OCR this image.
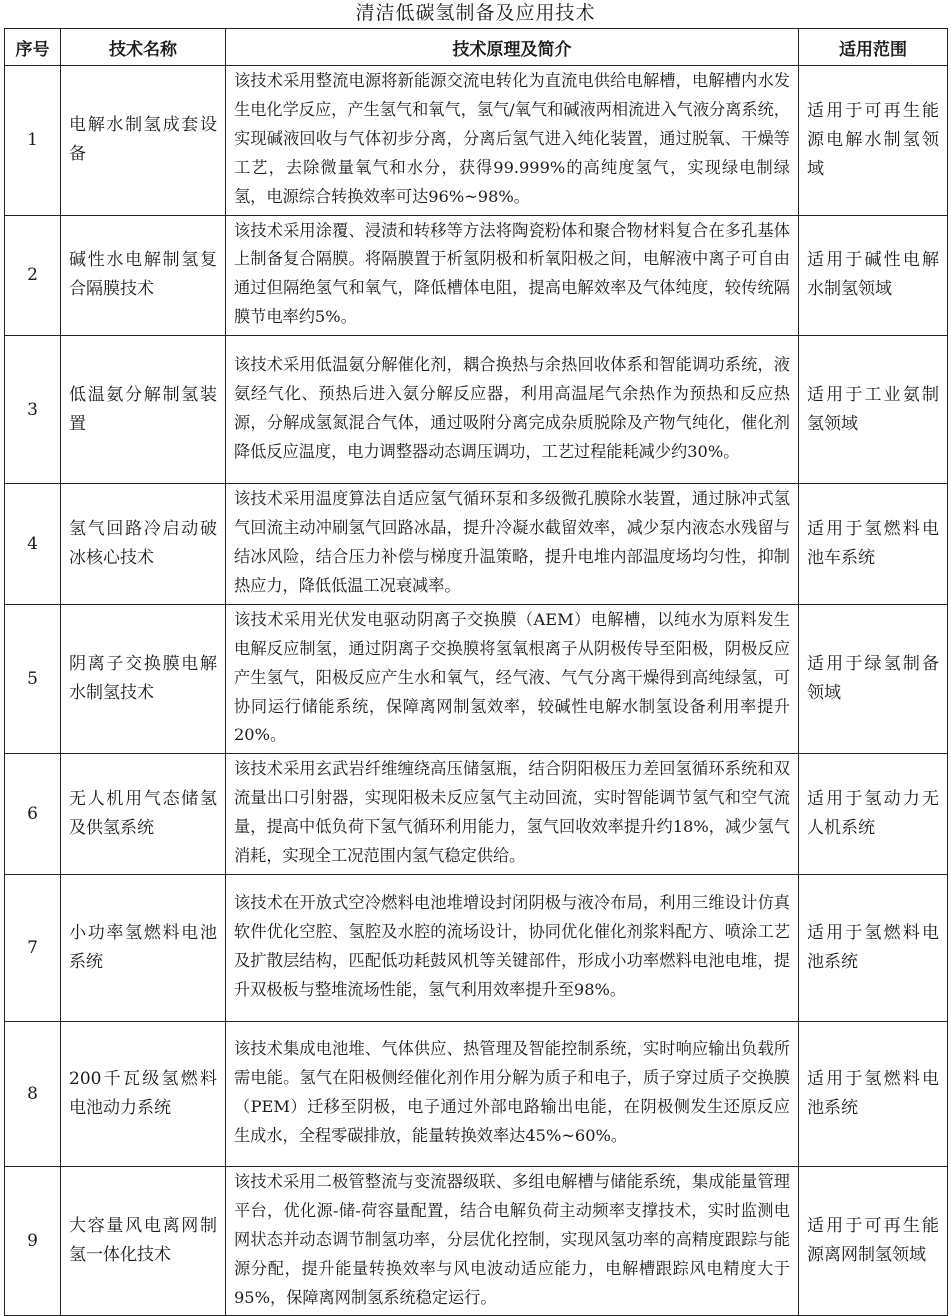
清洁低碳氢制备及应用技术
序号	技术名称	技术原理及简介	适用范围
1	电解水制氢成套设备	该技术采用整流电源将新能源交流电转化为直流电供给电解槽，电解槽内水发生电化学反应，产生氢气和氧气，氢气/氧气和碱液两相流进入气液分离系统，实现碱液回收与气体初步分离，分离后氢气进入纯化装置，通过脱氧、干燥等工艺，去除微量氧气和水分，获得99.999%的高纯度氢气，实现绿电制绿氢，电源综合转换效率可达96%~98%。	适用于可再生能源电解水制氢领域
2	碱性水电解制氢复合隔膜技术	该技术采用涂覆、浸渍和转移等方法将陶瓷粉体和聚合物材料复合在多孔基体上制备复合隔膜。将隔膜置于析氢阴极和析氧阳极之间，电解液中离子可自由通过但隔绝氢气和氧气，降低槽体电阻，提高电解效率及气体纯度，较传统隔膜节电率约5%。	适用于碱性电解水制氢领域
3	低温氨分解制氢装置	该技术采用低温氨分解催化剂，耦合换热与余热回收体系和智能调功系统，液氨经气化、预热后进入氨分解反应器，利用高温尾气余热作为预热和反应热源，分解成氢氮混合气体，通过吸附分离完成杂质脱除及产物气纯化，催化剂降低反应温度，电力调整器动态调压调功，工艺过程能耗减少约30%。	适用于工业氨制氢领域
4	氢气回路冷启动破冰核心技术	该技术采用温度算法自适应氢气循环泵和多级微孔膜除水装置，通过脉冲式氢气回流主动冲刷氢气回路冰晶，提升冷凝水截留效率，减少泵内液态水残留与结冰风险，结合压力补偿与梯度升温策略，提升电堆内部温度场均匀性，抑制热应力，降低低温工况衰减率。	适用于氢燃料电池车系统
5	阴离子交换膜电解水制氢技术	该技术采用光伏发电驱动阴离子交换膜（AEM）电解槽，以纯水为原料发生电解反应制氢，通过阴离子交换膜将氢氧根离子从阴极传导至阳极，阴极反应产生氢气，阳极反应产生水和氧气，经气液、气气分离干燥得到高纯绿氢，可协同运行储能系统，保障离网制氢效率，较碱性电解水制氢设备利用率提升20%。	适用于绿氢制备领域
6	无人机用气态储氢及供氢系统	该技术采用玄武岩纤维缠绕高压储氢瓶，结合阴阳极压力差回氢循环系统和双流量出口引射器，实现阳极未反应氢气主动回流，实时智能调节氢气和空气流量，提高中低负荷下氢气循环利用能力，氢气回收效率提升约18%，减少氢气消耗，实现全工况范围内氢气稳定供给。	适用于氢动力无人机系统
7	小功率氢燃料电池系统	该技术在开放式空冷燃料电池堆增设封闭阴极与液冷布局，利用三维设计仿真软件优化空腔、氢腔及水腔的流场设计，协同优化催化剂浆料配方、喷涂工艺及扩散层结构，匹配低功耗鼓风机等关键部件，形成小功率燃料电池电堆，提升双极板与整堆流场性能，氢气利用效率提升至98%。	适用于氢燃料电池系统
8	200千瓦级氢燃料电池动力系统	该技术集成电池堆、气体供应、热管理及智能控制系统，实时响应输出负载所需电能。氢气在阳极侧经催化剂作用分解为质子和电子，质子穿过质子交换膜（PEM）迁移至阴极，电子通过外部电路输出电能，在阴极侧发生还原反应生成水，全程零碳排放，能量转换效率达45%~60%。	适用于氢燃料电池系统
9	大容量风电离网制氢一体化技术	该技术采用二极管整流与变流器级联、多组电解槽与储能系统，集成能量管理平台，优化源-储-荷容量配置，结合电解负荷主动频率支撑技术，实时监测电网状态并动态调节制氢功率，分层优化控制，实现风氢功率的高精度跟踪与能源分配，提升能量转换效率与风电波动适应能力，电解槽跟踪风电精度大于95%，保障离网制氢系统稳定运行。	适用于可再生能源离网制氢领域
